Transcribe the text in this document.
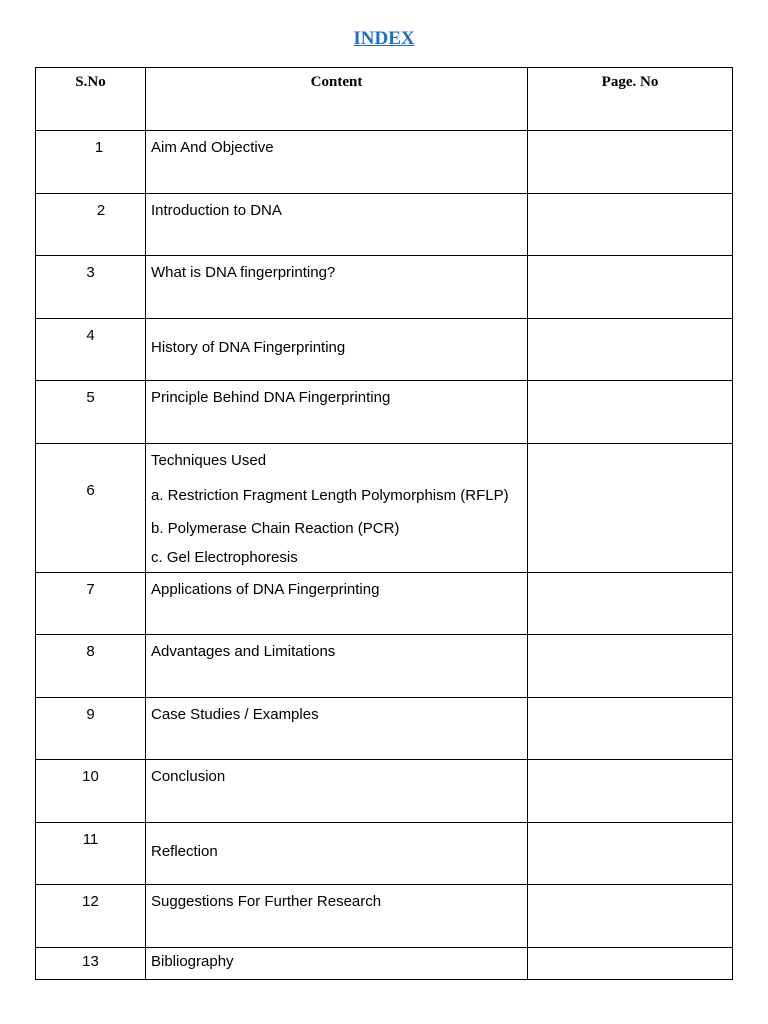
INDEX
S.No	Content	Page. No
1	Aim And Objective	
2	Introduction to DNA	
3	What is DNA fingerprinting?	
4	History of DNA Fingerprinting	
5	Principle Behind DNA Fingerprinting	
6	Techniques Used
a. Restriction Fragment Length Polymorphism (RFLP)
b. Polymerase Chain Reaction (PCR)
c. Gel Electrophoresis	

7	Applications of DNA Fingerprinting	
8	Advantages and Limitations	
9	Case Studies / Examples	
10	Conclusion	
11	Reflection	
12	Suggestions For Further Research	
13	Bibliography	
